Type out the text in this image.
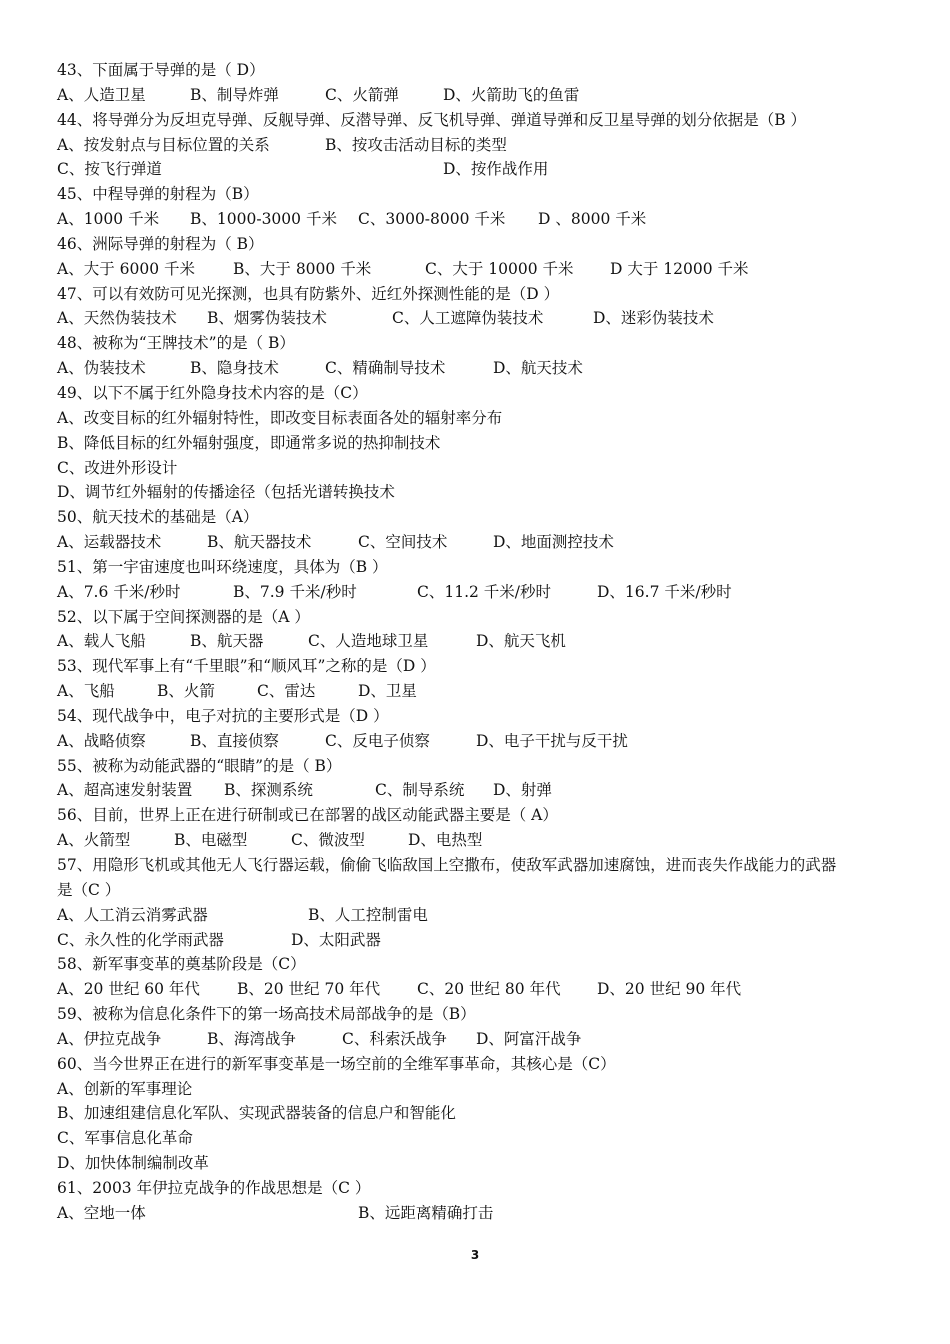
43、下面属于导弹的是（ D）
A、人造卫星	B、制导炸弹	C、火箭弹	D、火箭助飞的鱼雷
44、将导弹分为反坦克导弹、反舰导弹、反潜导弹、反飞机导弹、弹道导弹和反卫星导弹的划分依据是（B ）
A、按发射点与目标位置的关系	B、按攻击活动目标的类型
C、按飞行弹道	D、按作战作用
45、中程导弹的射程为（B）
A、1000 千米 B、1000-3000 千米 C、3000-8000 千米 D 、8000 千米
46、洲际导弹的射程为（ B）
A、大于 6000 千米 B、大于 8000 千米	C、大于 10000 千米 D 大于 12000 千米
47、可以有效防可见光探测，也具有防紫外、近红外探测性能的是（D ）
A、天然伪装技术 B、烟雾伪装技术	C、人工遮障伪装技术	D、迷彩伪装技术
48、被称为“王牌技术”的是（ B）
A、伪装技术	B、隐身技术	C、精确制导技术	D、航天技术
49、以下不属于红外隐身技术内容的是（C）
A、改变目标的红外辐射特性，即改变目标表面各处的辐射率分布
B、降低目标的红外辐射强度，即通常多说的热抑制技术
C、改进外形设计
D、调节红外辐射的传播途径（包括光谱转换技术
50、航天技术的基础是（A）
A、运载器技术	B、航天器技术	C、空间技术	D、地面测控技术
51、第一宇宙速度也叫环绕速度，具体为（B ）
A、7.6 千米/秒时	B、7.9 千米/秒时	C、11.2 千米/秒时	D、16.7 千米/秒时
52、以下属于空间探测器的是（A ）
A、载人飞船	B、航天器	C、人造地球卫星	D、航天飞机
53、现代军事上有“千里眼”和“顺风耳”之称的是（D ）
A、飞船	B、火箭	C、雷达	D、卫星
54、现代战争中，电子对抗的主要形式是（D ）
A、战略侦察	B、直接侦察	C、反电子侦察	D、电子干扰与反干扰
55、被称为动能武器的“眼睛”的是（ B）
A、超高速发射装置 B、探测系统	C、制导系统 D、射弹
56、目前，世界上正在进行研制或已在部署的战区动能武器主要是（ A）
A、火箭型	B、电磁型	C、微波型	D、电热型
57、用隐形飞机或其他无人飞行器运载，偷偷飞临敌国上空撒布，使敌军武器加速腐蚀，进而丧失作战能力的武器
是（C ）
A、人工消云消雾武器	B、人工控制雷电
C、永久性的化学雨武器	D、太阳武器
58、新军事变革的奠基阶段是（C）
A、20 世纪 60 年代 B、20 世纪 70 年代 C、20 世纪 80 年代 D、20 世纪 90 年代
59、被称为信息化条件下的第一场高技术局部战争的是（B）
A、伊拉克战争	B、海湾战争	C、科索沃战争 D、阿富汗战争
60、当今世界正在进行的新军事变革是一场空前的全维军事革命，其核心是（C）
A、创新的军事理论
B、加速组建信息化军队、实现武器装备的信息户和智能化
C、军事信息化革命
D、加快体制编制改革
61、2003 年伊拉克战争的作战思想是（C ）
A、空地一体	B、远距离精确打击
3
